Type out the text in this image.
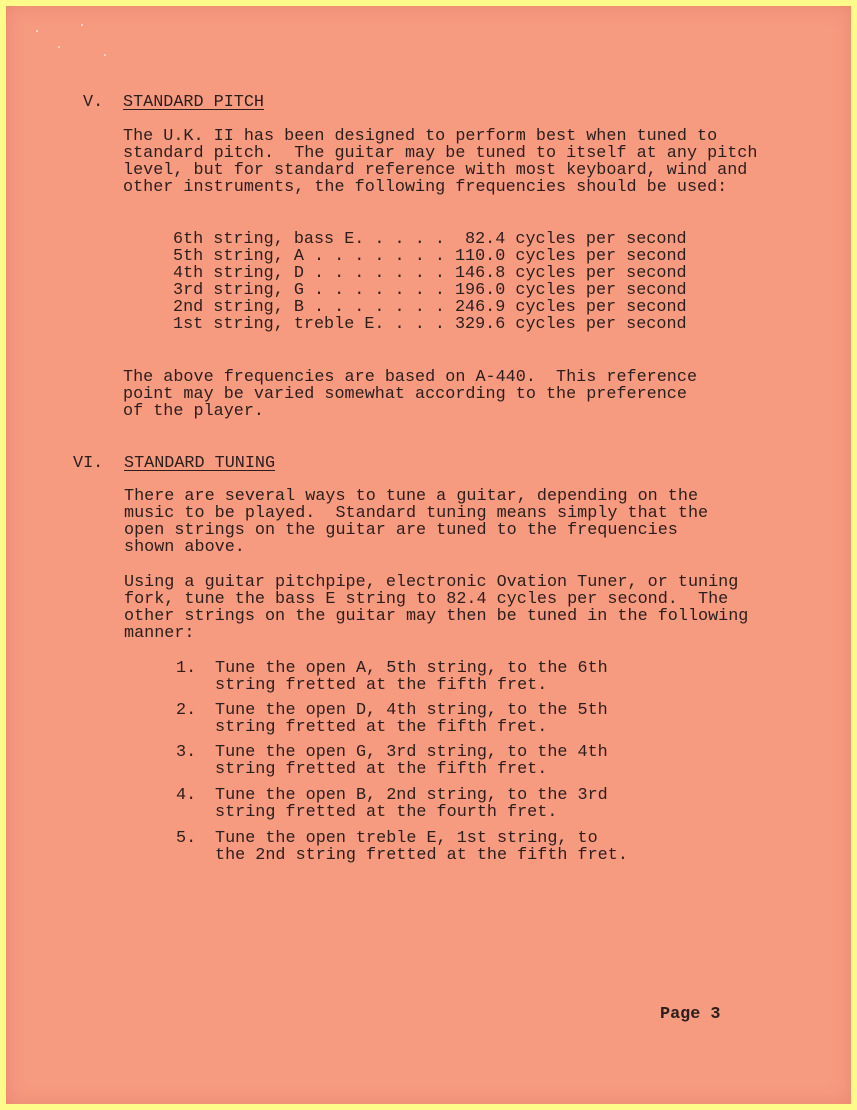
V. STANDARD PITCH
The U.K. II has been designed to perform best when tuned to
standard pitch.  The guitar may be tuned to itself at any pitch
level, but for standard reference with most keyboard, wind and
other instruments, the following frequencies should be used:
6th string, bass E. . . . .  82.4 cycles per second
5th string, A . . . . . . . 110.0 cycles per second
4th string, D . . . . . . . 146.8 cycles per second
3rd string, G . . . . . . . 196.0 cycles per second
2nd string, B . . . . . . . 246.9 cycles per second
1st string, treble E. . . . 329.6 cycles per second
The above frequencies are based on A-440.  This reference
point may be varied somewhat according to the preference
of the player.
VI. STANDARD TUNING
There are several ways to tune a guitar, depending on the
music to be played.  Standard tuning means simply that the
open strings on the guitar are tuned to the frequencies
shown above.
Using a guitar pitchpipe, electronic Ovation Tuner, or tuning
fork, tune the bass E string to 82.4 cycles per second.  The
other strings on the guitar may then be tuned in the following
manner:
1. Tune the open A, 5th string, to the 6th
string fretted at the fifth fret.
2. Tune the open D, 4th string, to the 5th
string fretted at the fifth fret.
3. Tune the open G, 3rd string, to the 4th
string fretted at the fifth fret.
4. Tune the open B, 2nd string, to the 3rd
string fretted at the fourth fret.
5. Tune the open treble E, 1st string, to
the 2nd string fretted at the fifth fret.
Page 3
